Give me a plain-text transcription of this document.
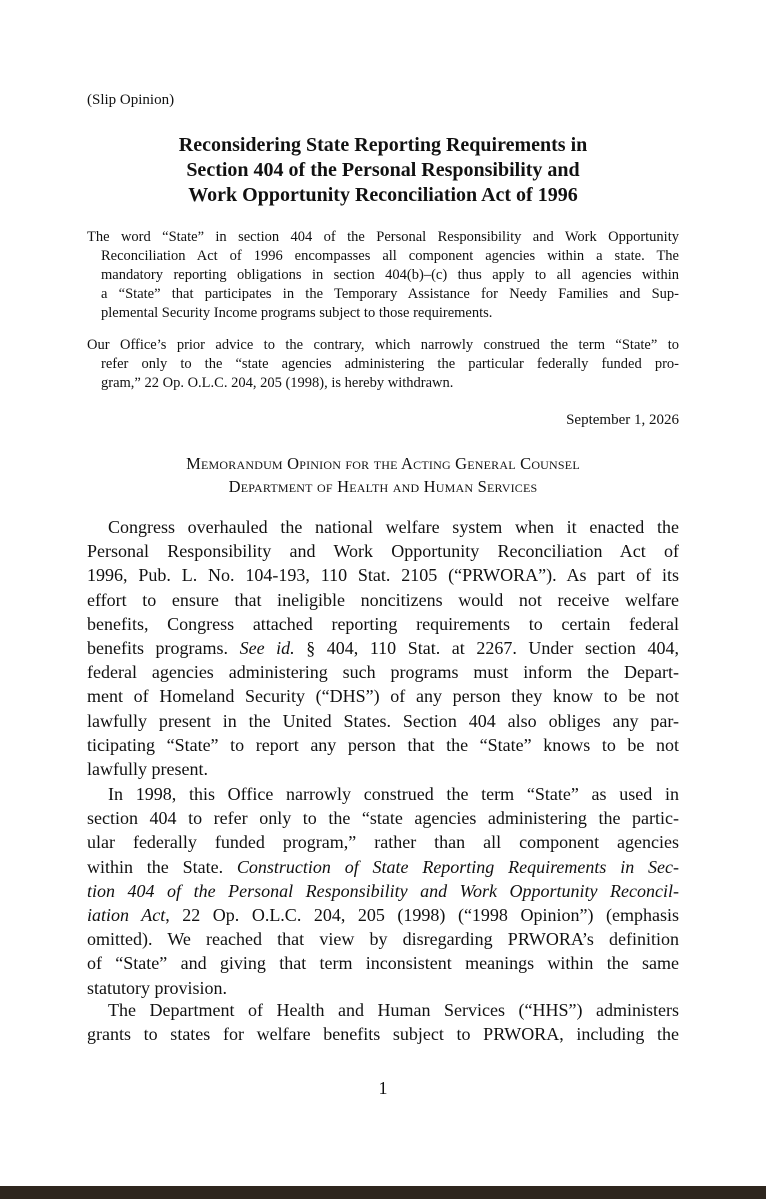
(Slip Opinion)
Reconsidering State Reporting Requirements in
Section 404 of the Personal Responsibility and
Work Opportunity Reconciliation Act of 1996
The word “State” in section 404 of the Personal Responsibility and Work Opportunity
Reconciliation Act of 1996 encompasses all component agencies within a state. The
mandatory reporting obligations in section 404(b)–(c) thus apply to all agencies within
a “State” that participates in the Temporary Assistance for Needy Families and Sup-
plemental Security Income programs subject to those requirements.
Our Office’s prior advice to the contrary, which narrowly construed the term “State” to
refer only to the “state agencies administering the particular federally funded pro-
gram,” 22 Op. O.L.C. 204, 205 (1998), is hereby withdrawn.
September 1, 2026
Memorandum Opinion for the Acting General Counsel
Department of Health and Human Services
Congress overhauled the national welfare system when it enacted the
Personal Responsibility and Work Opportunity Reconciliation Act of
1996, Pub. L. No. 104-193, 110 Stat. 2105 (“PRWORA”). As part of its
effort to ensure that ineligible noncitizens would not receive welfare
benefits, Congress attached reporting requirements to certain federal
benefits programs. See id. § 404, 110 Stat. at 2267. Under section 404,
federal agencies administering such programs must inform the Depart-
ment of Homeland Security (“DHS”) of any person they know to be not
lawfully present in the United States. Section 404 also obliges any par-
ticipating “State” to report any person that the “State” knows to be not
lawfully present.
In 1998, this Office narrowly construed the term “State” as used in
section 404 to refer only to the “state agencies administering the partic-
ular federally funded program,” rather than all component agencies
within the State. Construction of State Reporting Requirements in Sec-
tion 404 of the Personal Responsibility and Work Opportunity Reconcil-
iation Act, 22 Op. O.L.C. 204, 205 (1998) (“1998 Opinion”) (emphasis
omitted). We reached that view by disregarding PRWORA’s definition
of “State” and giving that term inconsistent meanings within the same
statutory provision.
The Department of Health and Human Services (“HHS”) administers
grants to states for welfare benefits subject to PRWORA, including the
1
